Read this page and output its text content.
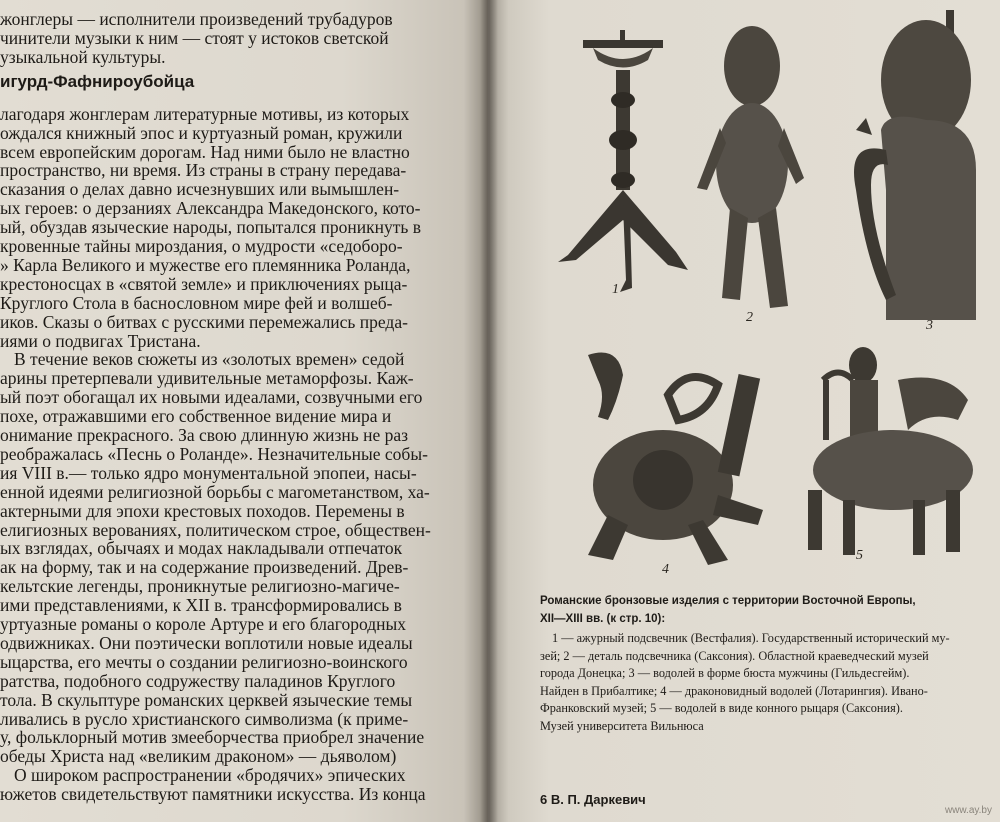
жонглеры — исполнители произведений трубадуров
чинители музыки к ним — стоят у истоков светской
узыкальной культуры.
игурд-Фафнироубойца
лагодаря жонглерам литературные мотивы, из которых
ождался книжный эпос и куртуазный роман, кружили
всем европейским дорогам. Над ними было не властно
пространство, ни время. Из страны в страну передава-
сказания о делах давно исчезнувших или вымышлен-
ых героев: о дерзаниях Александра Македонского, кото-
ый, обуздав языческие народы, попытался проникнуть в
кровенные тайны мироздания, о мудрости «седоборо-
» Карла Великого и мужестве его племянника Роланда,
крестоносцах в «святой земле» и приключениях рыца-
Круглого Стола в баснословном мире фей и волшеб-
иков. Сказы о битвах с русскими перемежались преда-
иями о подвигах Тристана.
В течение веков сюжеты из «золотых времен» седой
арины претерпевали удивительные метаморфозы. Каж-
ый поэт обогащал их новыми идеалами, созвучными его
похе, отражавшими его собственное видение мира и
онимание прекрасного. За свою длинную жизнь не раз
реображалась «Песнь о Роланде». Незначительные собы-
ия VIII в.— только ядро монументальной эпопеи, насы-
енной идеями религиозной борьбы с магометанством, ха-
актерными для эпохи крестовых походов. Перемены в
елигиозных верованиях, политическом строе, обществен-
ых взглядах, обычаях и модах накладывали отпечаток
ак на форму, так и на содержание произведений. Древ-
кельтские легенды, проникнутые религиозно-магиче-
ими представлениями, к XII в. трансформировались в
уртуазные романы о короле Артуре и его благородных
одвижниках. Они поэтически воплотили новые идеалы
ыцарства, его мечты о создании религиозно-воинского
ратства, подобного содружеству паладинов Круглого
тола. В скульптуре романских церквей языческие темы
ливались в русло христианского символизма (к приме-
у, фольклорный мотив змееборчества приобрел значение
обеды Христа над «великим драконом» — дьяволом)
О широком распространении «бродячих» эпических
южетов свидетельствуют памятники искусства. Из конца
1
2
3
4
5
Романские бронзовые изделия с территории Восточной Европы,
XII—XIII вв. (к стр. 10):
1 — ажурный подсвечник (Вестфалия). Государственный исторический му-
зей; 2 — деталь подсвечника (Саксония). Областной краеведческий музей
города Донецка; 3 — водолей в форме бюста мужчины (Гильдесгейм).
Найден в Прибалтике; 4 — драконовидный водолей (Лотарингия). Ивано-
Франковский музей; 5 — водолей в виде конного рыцаря (Саксония).
Музей университета Вильнюса
6 В. П. Даркевич
www.ay.by
